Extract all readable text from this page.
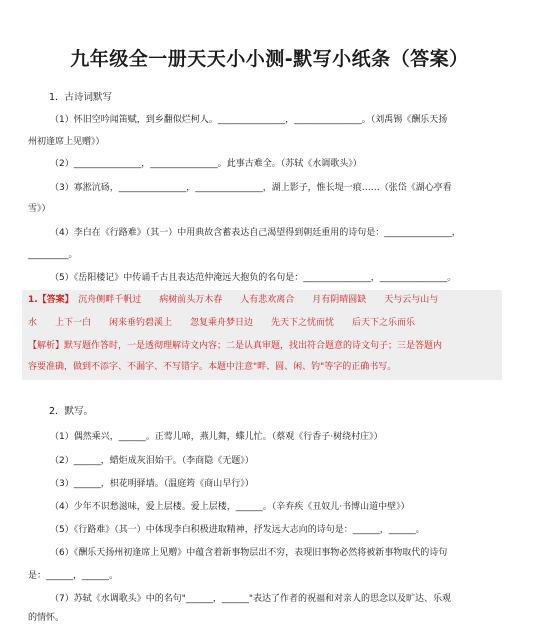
九年级全一册天天小小测-默写小纸条（答案）
1．古诗词默写
（1）怀旧空吟闻笛赋，到乡翻似烂柯人。_______________，_______________。（刘禹锡《酬乐天扬
州初逢席上见赠》）
（2）_______________，_______________。此事古难全。（苏轼《水调歌头》）
（3）寡淞沆砀，_______________，_______________，湖上影子，惟长堤一痕……（张岱《湖心亭看
雪》）
（4）李白在《行路难》（其一）中用典故含蓄表达自己渴望得到朝廷重用的诗句是：_______________，
_________。
（5）《岳阳楼记》中传诵千古且表达范仲淹远大抱负的名句是：_______________，_______________。
1.【答案】　沉舟侧畔千帆过　　病树前头万木春　　人有悲欢离合　　月有阴晴圆缺　　天与云与山与
水　　上下一白　　闲来垂钓碧溪上　　忽复乘舟梦日边　　先天下之忧而忧　　后天下之乐而乐
【解析】默写题作答时，一是透彻理解诗文内容；二是认真审题，找出符合题意的诗文句子；三是答题内
容要准确，做到不添字、不漏字、不写错字。本题中注意"畔、圆、闲、钓"等字的正确书写。
2．默写。
（1）偶然乘兴，______。正莺儿啼，燕儿舞，蝶儿忙。（蔡观《行香子·树绕村庄》）
（2）______，蜡炬成灰泪始干。（李商隐《无题》）
（3）______，枳花明驿墙。（温庭筠《商山早行》）
（4）少年不识愁滋味，爱上层楼。爱上层楼，______。（辛弃疾《丑奴儿·书博山道中壁》）
（5）《行路难》（其一）中体现李白积极进取精神，抒发远大志向的诗句是：______，______。
（6）《酬乐天扬州初逢席上见赠》中蕴含着新事物层出不穷，表现旧事物必然将被新事物取代的诗句
是：______，______。
（7）苏轼《水调歌头》中的名句"______，______"表达了作者的祝福和对亲人的思念以及旷达、乐观
的情怀。
